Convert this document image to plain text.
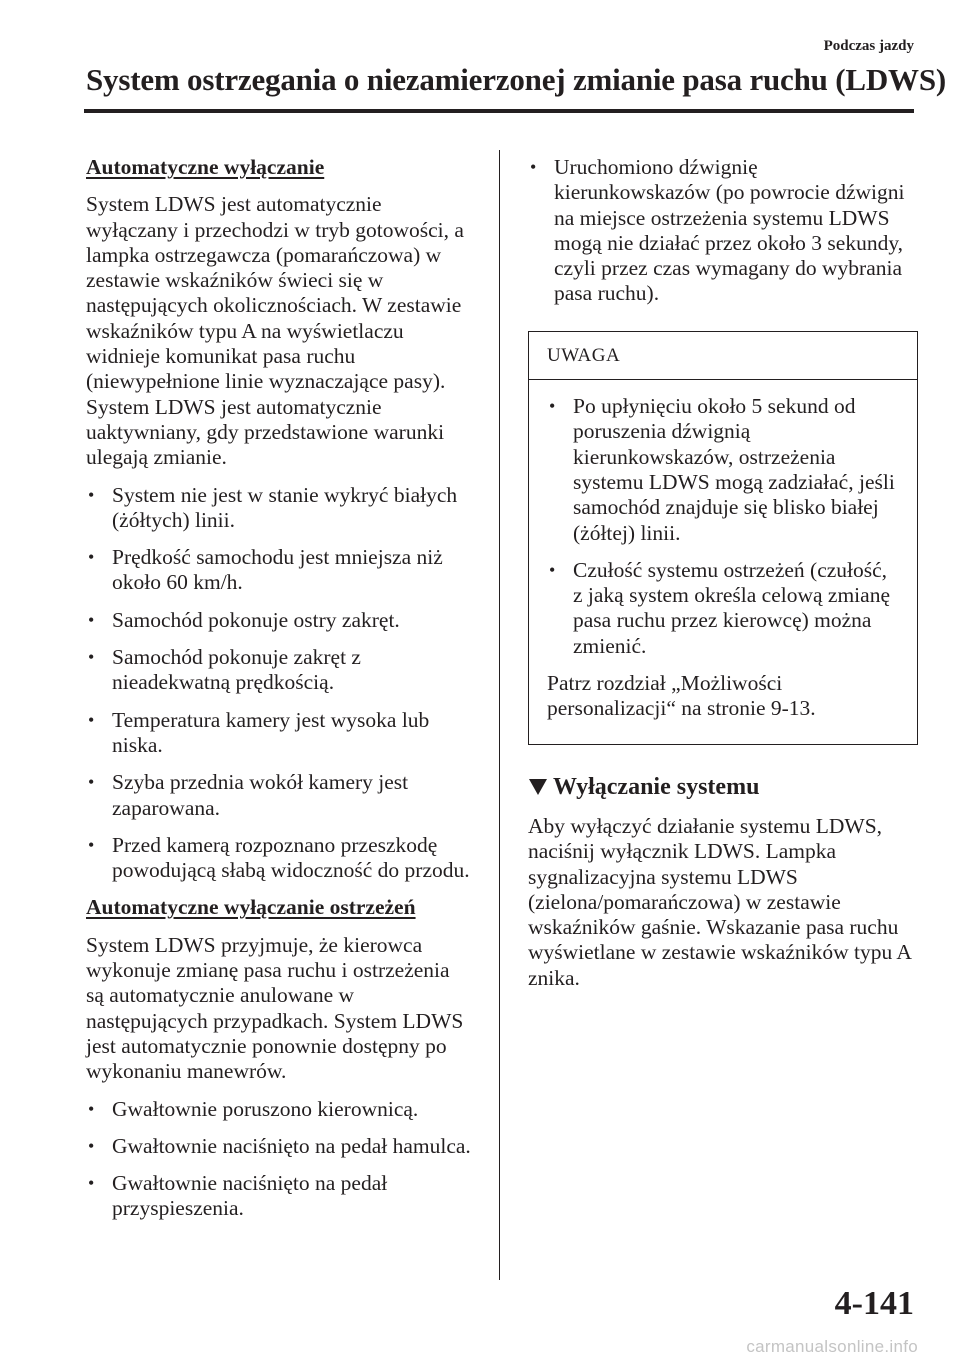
Podczas jazdy
System ostrzegania o niezamierzonej zmianie pasa ruchu (LDWS)
Automatyczne wyłączanie

System LDWS jest automatycznie wyłączany i przechodzi w tryb gotowości, a lampka ostrzegawcza (pomarańczowa) w zestawie wskaźników świeci się w następujących okolicznościach. W zestawie wskaźników typu A na wyświetlaczu widnieje komunikat pasa ruchu (niewypełnione linie wyznaczające pasy). System LDWS jest automatycznie uaktywniany, gdy przedstawione warunki ulegają zmianie.

• System nie jest w stanie wykryć białych (żółtych) linii.
• Prędkość samochodu jest mniejsza niż około 60 km/h.
• Samochód pokonuje ostry zakręt.
• Samochód pokonuje zakręt z nieadekwatną prędkością.
• Temperatura kamery jest wysoka lub niska.
• Szyba przednia wokół kamery jest zaparowana.
• Przed kamerą rozpoznano przeszkodę powodującą słabą widoczność do przodu.
Automatyczne wyłączanie ostrzeżeń

System LDWS przyjmuje, że kierowca wykonuje zmianę pasa ruchu i ostrzeżenia są automatycznie anulowane w następujących przypadkach. System LDWS jest automatycznie ponownie dostępny po wykonaniu manewrów.

• Gwałtownie poruszono kierownicą.
• Gwałtownie naciśnięto na pedał hamulca.
• Gwałtownie naciśnięto na pedał przyspieszenia.
• Uruchomiono dźwignię kierunkowskazów (po powrocie dźwigni na miejsce ostrzeżenia systemu LDWS mogą nie działać przez około 3 sekundy, czyli przez czas wymagany do wybrania pasa ruchu).
UWAGA
• Po upłynięciu około 5 sekund od poruszenia dźwignią kierunkowskazów, ostrzeżenia systemu LDWS mogą zadziałać, jeśli samochód znajduje się blisko białej (żółtej) linii.
• Czułość systemu ostrzeżeń (czułość, z jaką system określa celową zmianę pasa ruchu przez kierowcę) można zmienić.

Patrz rozdział „Możliwości personalizacji“ na stronie 9-13.

Wyłączanie systemu

Aby wyłączyć działanie systemu LDWS, naciśnij wyłącznik LDWS. Lampka sygnalizacyjna systemu LDWS (zielona/pomarańczowa) w zestawie wskaźników gaśnie. Wskazanie pasa ruchu wyświetlane w zestawie wskaźników typu A znika.

4-141
carmanualsonline.info
